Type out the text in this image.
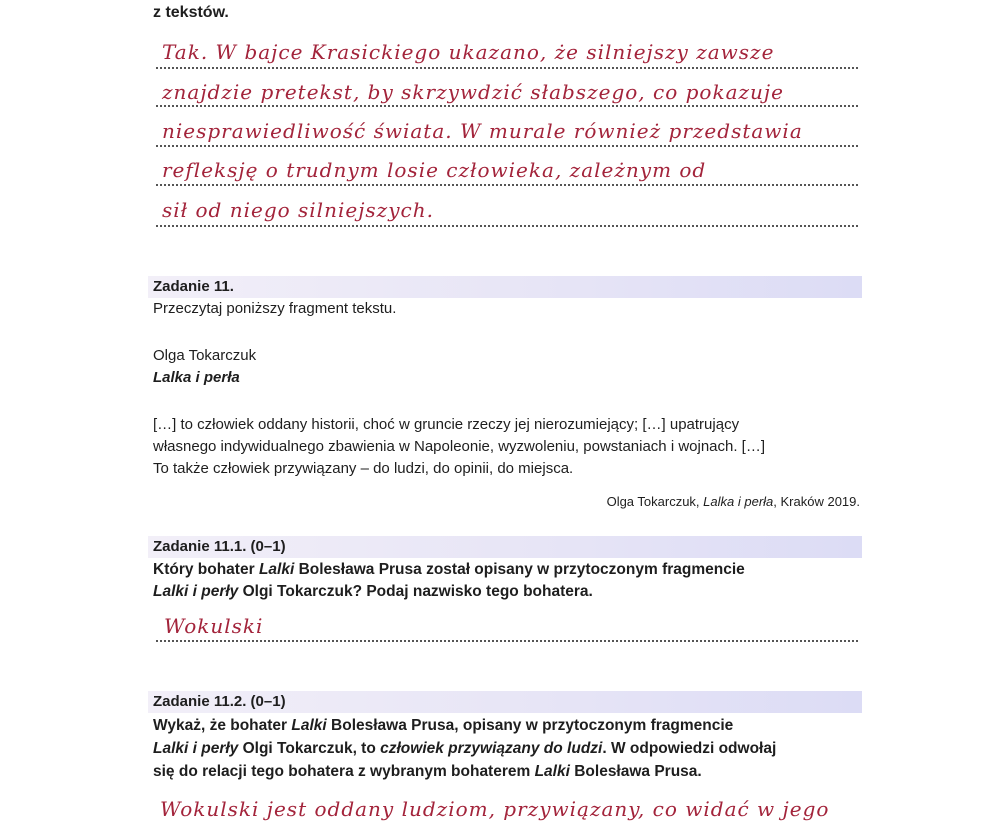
z tekstów.
Tak. W bajce Krasickiego ukazano, że silniejszy zawsze
znajdzie pretekst, by skrzywdzić słabszego, co pokazuje
niesprawiedliwość świata. W murale również przedstawia
refleksję o trudnym losie człowieka, zależnym od
sił od niego silniejszych.
Zadanie 11.
Przeczytaj poniższy fragment tekstu.
Olga Tokarczuk
Lalka i perła
[…] to człowiek oddany historii, choć w gruncie rzeczy jej nierozumiejący; […] upatrujący
własnego indywidualnego zbawienia w Napoleonie, wyzwoleniu, powstaniach i wojnach. […]
To także człowiek przywiązany – do ludzi, do opinii, do miejsca.
Olga Tokarczuk, Lalka i perła, Kraków 2019.
Zadanie 11.1. (0–1)
Który bohater Lalki Bolesława Prusa został opisany w przytoczonym fragmencie
Lalki i perły Olgi Tokarczuk? Podaj nazwisko tego bohatera.
Wokulski
Zadanie 11.2. (0–1)
Wykaż, że bohater Lalki Bolesława Prusa, opisany w przytoczonym fragmencie
Lalki i perły Olgi Tokarczuk, to człowiek przywiązany do ludzi. W odpowiedzi odwołaj
się do relacji tego bohatera z wybranym bohaterem Lalki Bolesława Prusa.
Wokulski jest oddany ludziom, przywiązany, co widać w jego
